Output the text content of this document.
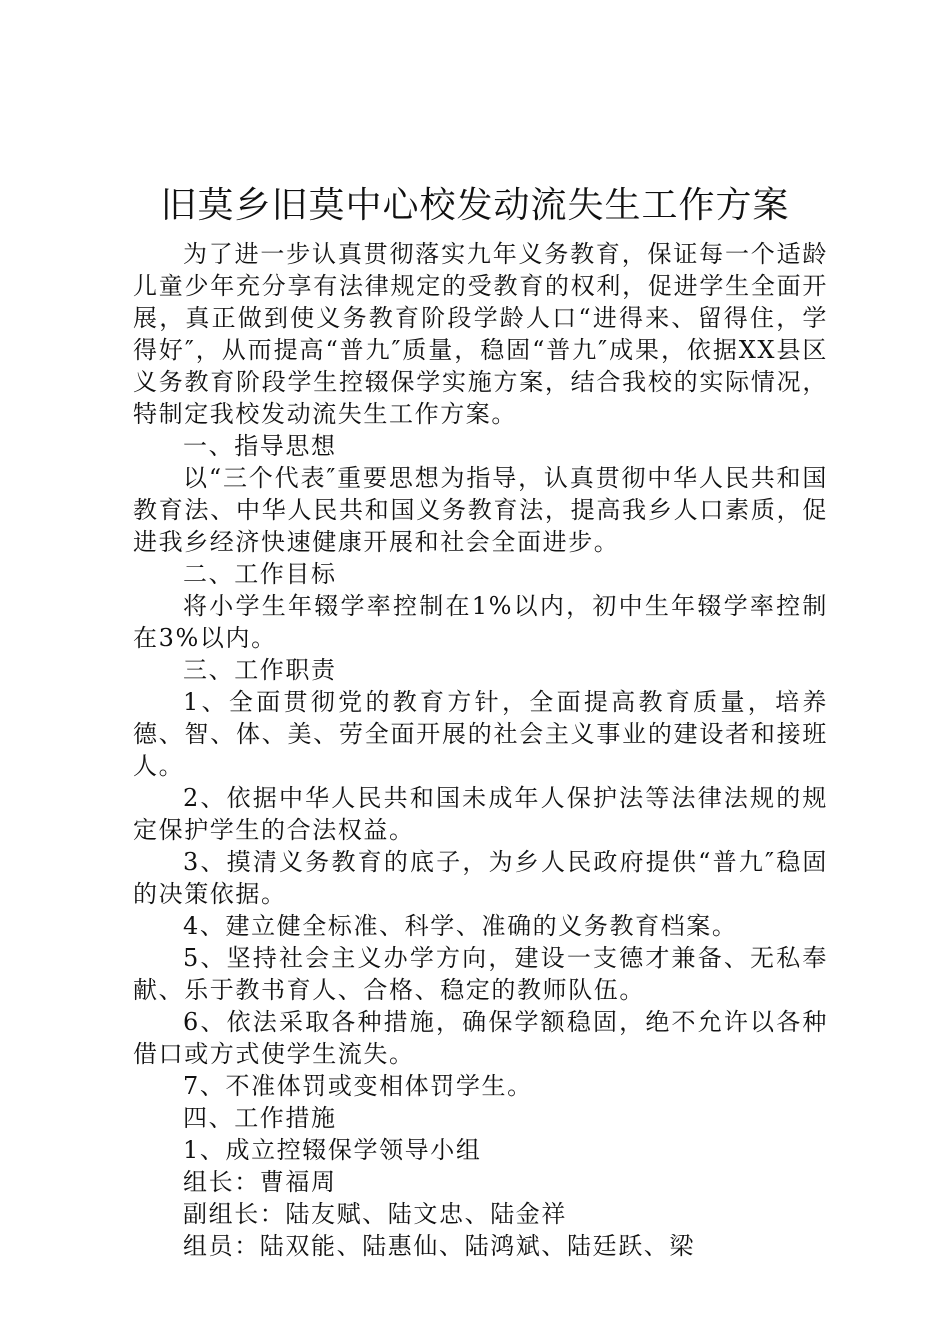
旧莫乡旧莫中心校发动流失生工作方案

为了进一步认真贯彻落实九年义务教育，保证每一个适龄儿童少年充分享有法律规定的受教育的权利，促进学生全面开展，真正做到使义务教育阶段学龄人口“进得来、留得住，学得好″，从而提高“普九″质量，稳固“普九″成果，依据XX县区义务教育阶段学生控辍保学实施方案，结合我校的实际情况，特制定我校发动流失生工作方案。

一、指导思想

以“三个代表″重要思想为指导，认真贯彻中华人民共和国教育法、中华人民共和国义务教育法，提高我乡人口素质，促进我乡经济快速健康开展和社会全面进步。

二、工作目标

将小学生年辍学率控制在1%以内，初中生年辍学率控制在3%以内。

三、工作职责

1、全面贯彻党的教育方针，全面提高教育质量，培养德、智、体、美、劳全面开展的社会主义事业的建设者和接班人。

2、依据中华人民共和国未成年人保护法等法律法规的规定保护学生的合法权益。

3、摸清义务教育的底子，为乡人民政府提供“普九″稳固的决策依据。

4、建立健全标准、科学、准确的义务教育档案。

5、坚持社会主义办学方向，建设一支德才兼备、无私奉献、乐于教书育人、合格、稳定的教师队伍。

6、依法采取各种措施，确保学额稳固，绝不允许以各种借口或方式使学生流失。

7、不准体罚或变相体罚学生。

四、工作措施

1、成立控辍保学领导小组

组长：曹福周

副组长：陆友赋、陆文忠、陆金祥

组员：陆双能、陆惠仙、陆鸿斌、陆廷跃、梁
